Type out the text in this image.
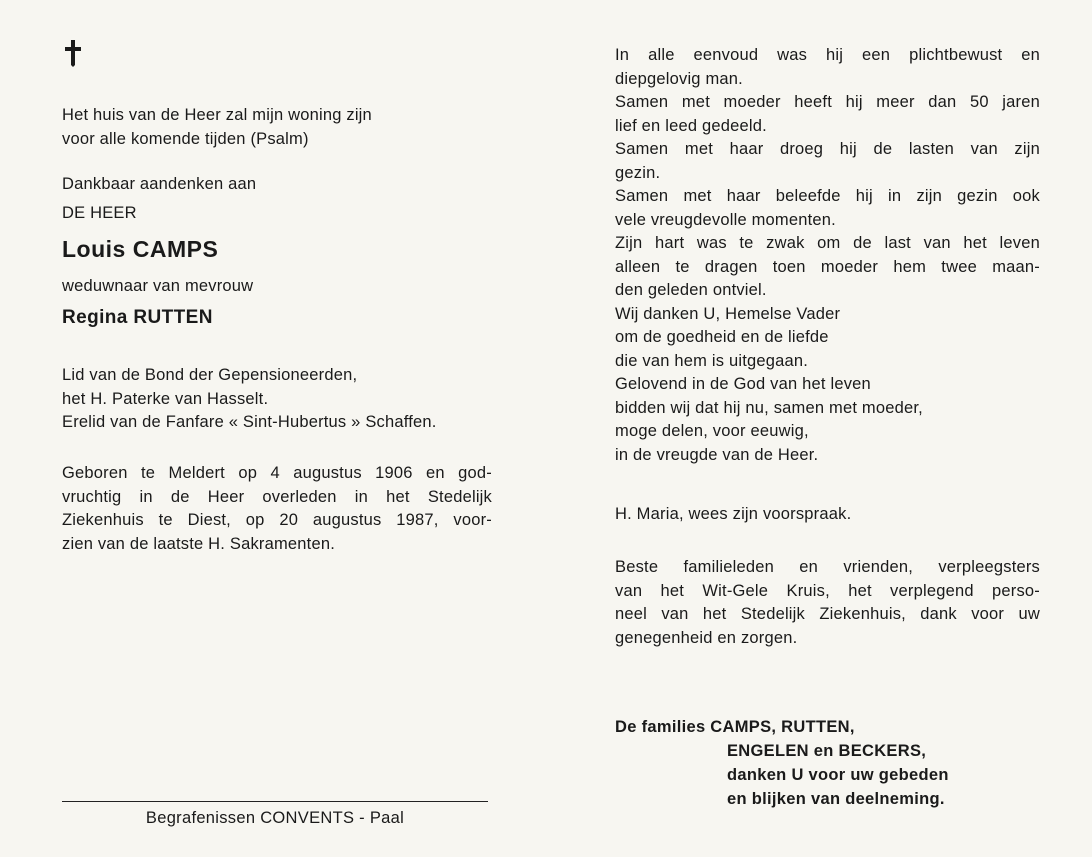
Het huis van de Heer zal mijn woning zijn
voor alle komende tijden (Psalm)
Dankbaar aandenken aan
DE HEER
Louis CAMPS
weduwnaar van mevrouw
Regina RUTTEN
Lid van de Bond der Gepensioneerden,
het H. Paterke van Hasselt.
Erelid van de Fanfare « Sint-Hubertus » Schaffen.
Geboren te Meldert op 4 augustus 1906 en god-
vruchtig in de Heer overleden in het Stedelijk
Ziekenhuis te Diest, op 20 augustus 1987, voor-
zien van de laatste H. Sakramenten.
Begrafenissen CONVENTS - Paal
In alle eenvoud was hij een plichtbewust en
diepgelovig man.
Samen met moeder heeft hij meer dan 50 jaren
lief en leed gedeeld.
Samen met haar droeg hij de lasten van zijn
gezin.
Samen met haar beleefde hij in zijn gezin ook
vele vreugdevolle momenten.
Zijn hart was te zwak om de last van het leven
alleen te dragen toen moeder hem twee maan-
den geleden ontviel.
Wij danken U, Hemelse Vader
om de goedheid en de liefde
die van hem is uitgegaan.
Gelovend in de God van het leven
bidden wij dat hij nu, samen met moeder,
moge delen, voor eeuwig,
in de vreugde van de Heer.
H. Maria, wees zijn voorspraak.
Beste familieleden en vrienden, verpleegsters
van het Wit-Gele Kruis, het verplegend perso-
neel van het Stedelijk Ziekenhuis, dank voor uw
genegenheid en zorgen.
De families CAMPS, RUTTEN,
ENGELEN en BECKERS,
danken U voor uw gebeden
en blijken van deelneming.
